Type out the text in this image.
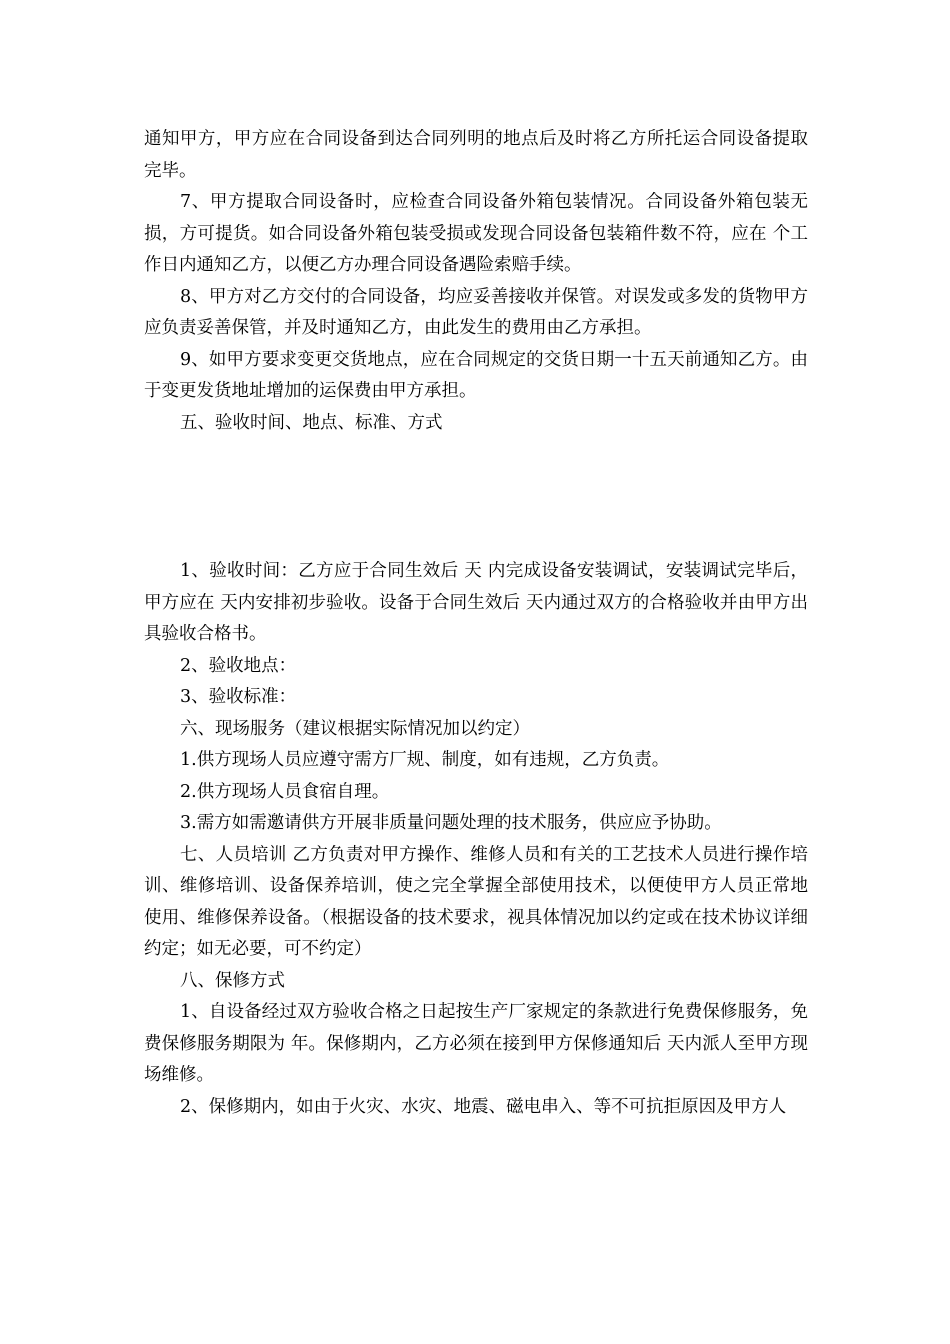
通知甲方，甲方应在合同设备到达合同列明的地点后及时将乙方所托运合同设备提取完毕。

7、甲方提取合同设备时，应检查合同设备外箱包装情况。合同设备外箱包装无损，方可提货。如合同设备外箱包装受损或发现合同设备包装箱件数不符，应在 个工作日内通知乙方，以便乙方办理合同设备遇险索赔手续。

8、甲方对乙方交付的合同设备，均应妥善接收并保管。对误发或多发的货物甲方应负责妥善保管，并及时通知乙方，由此发生的费用由乙方承担。

9、如甲方要求变更交货地点，应在合同规定的交货日期一十五天前通知乙方。由于变更发货地址增加的运保费由甲方承担。

五、验收时间、地点、标准、方式

1、验收时间：乙方应于合同生效后 天 内完成设备安装调试，安装调试完毕后，甲方应在 天内安排初步验收。设备于合同生效后 天内通过双方的合格验收并由甲方出具验收合格书。

2、验收地点：

3、验收标准：

六、现场服务（建议根据实际情况加以约定）

1.供方现场人员应遵守需方厂规、制度，如有违规，乙方负责。

2.供方现场人员食宿自理。

3.需方如需邀请供方开展非质量问题处理的技术服务，供应应予协助。

七、人员培训 乙方负责对甲方操作、维修人员和有关的工艺技术人员进行操作培训、维修培训、设备保养培训，使之完全掌握全部使用技术，以便使甲方人员正常地使用、维修保养设备。（根据设备的技术要求，视具体情况加以约定或在技术协议详细约定；如无必要，可不约定）

八、保修方式

1、自设备经过双方验收合格之日起按生产厂家规定的条款进行免费保修服务，免费保修服务期限为 年。保修期内，乙方必须在接到甲方保修通知后 天内派人至甲方现场维修。

2、保修期内，如由于火灾、水灾、地震、磁电串入、等不可抗拒原因及甲方人
